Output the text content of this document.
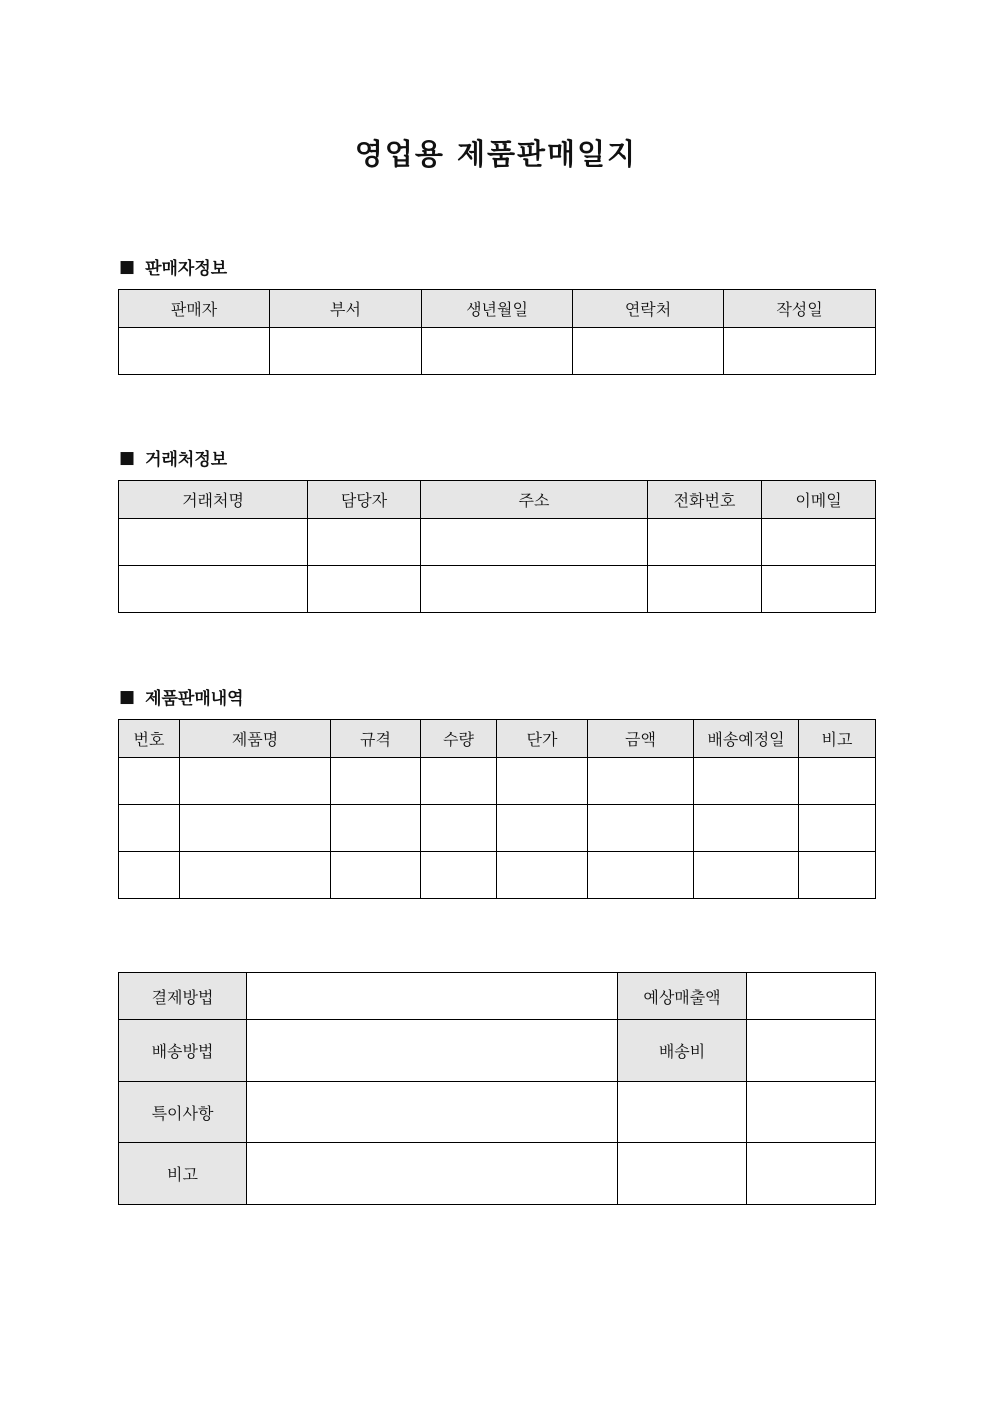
영업용 제품판매일지
■ 판매자정보
판매자	부서	생년월일	연락처	작성일

■ 거래처정보
거래처명	담당자	주소	전화번호	이메일

■ 제품판매내역
번호	제품명	규격	수량	단가	금액	배송예정일	비고

결제방법		예상매출액	
배송방법		배송비	
특이사항			
비고			
